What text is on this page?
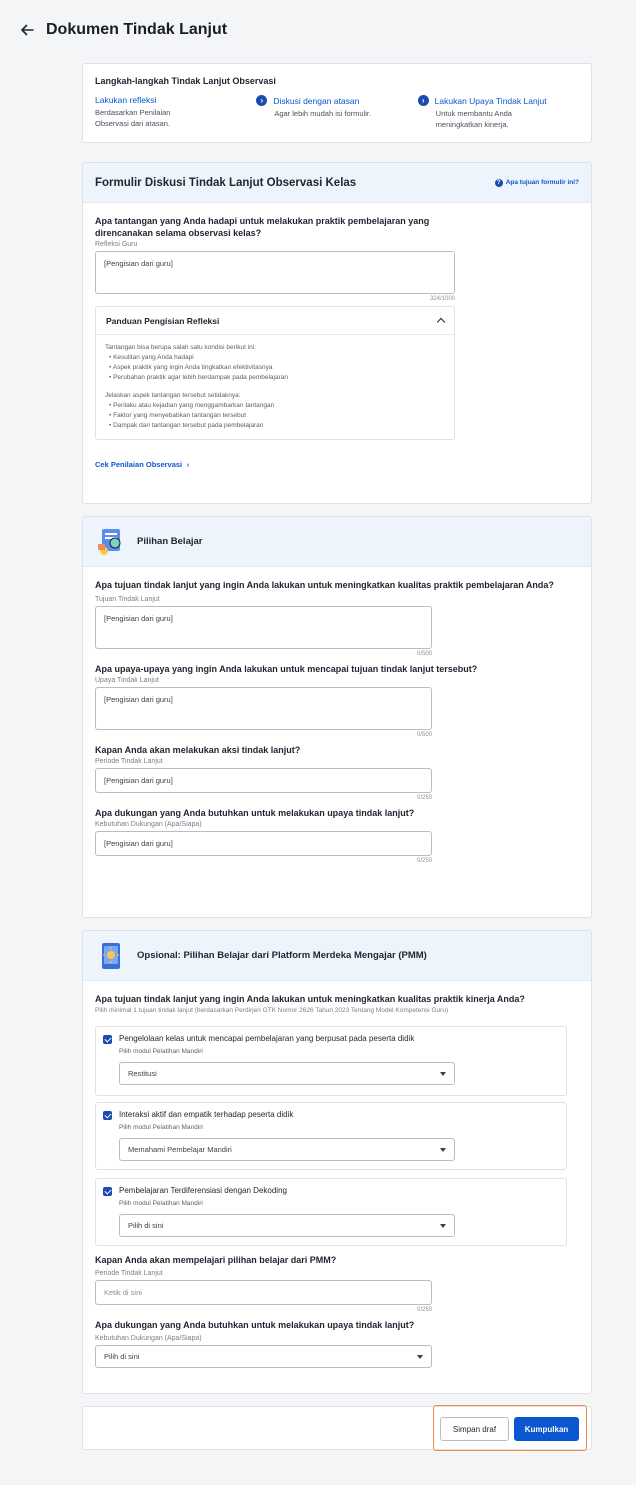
Dokumen Tindak Lanjut
Langkah-langkah Tindak Lanjut Observasi
Lakukan refleksi
Berdasarkan Penilaian Observasi dari atasan.
›	Diskusi dengan atasan
Agar lebih mudah isi formulir.
›	Lakukan Upaya Tindak Lanjut
Untuk membantu Anda meningkatkan kinerja.
Formulir Diskusi Tindak Lanjut Observasi Kelas	? Apa tujuan formulir ini?
Apa tantangan yang Anda hadapi untuk melakukan praktik pembelajaran yang direncanakan selama observasi kelas?
Refleksi Guru
[Pengisian dari guru]
324/1000
Panduan Pengisian Refleksi
Tantangan bisa berupa salah satu kondisi berikut ini:
• Kesulitan yang Anda hadapi
• Aspek praktik yang ingin Anda tingkatkan efektivitasnya
• Perubahan praktik agar lebih berdampak pada pembelajaran
Jelaskan aspek tantangan tersebut setidaknya:
• Perilaku atau kejadian yang menggambarkan tantangan
• Faktor yang menyebabkan tantangan tersebut
• Dampak dari tantangan tersebut pada pembelajaran
Cek Penilaian Observasi ›
Pilihan Belajar
Apa tujuan tindak lanjut yang ingin Anda lakukan untuk meningkatkan kualitas praktik pembelajaran Anda?
Tujuan Tindak Lanjut
[Pengisian dari guru]
0/500
Apa upaya-upaya yang ingin Anda lakukan untuk mencapai tujuan tindak lanjut tersebut?
Upaya Tindak Lanjut
[Pengisian dari guru]
0/500
Kapan Anda akan melakukan aksi tindak lanjut?
Periode Tindak Lanjut
[Pengisian dari guru]
0/250
Apa dukungan yang Anda butuhkan untuk melakukan upaya tindak lanjut?
Kebutuhan Dukungan (Apa/Siapa)
[Pengisian dari guru]
0/250
Opsional: Pilihan Belajar dari Platform Merdeka Mengajar (PMM)
Apa tujuan tindak lanjut yang ingin Anda lakukan untuk meningkatkan kualitas praktik kinerja Anda?
Pilih minimal 1 tujuan tindak lanjut (berdasarkan Perdirjen GTK Nomor 2626 Tahun 2023 Tentang Model Kompetensi Guru)
Pengelolaan kelas untuk mencapai pembelajaran yang berpusat pada peserta didik
Pilih modul Pelatihan Mandiri
Restitusi
Interaksi aktif dan empatik terhadap peserta didik
Pilih modul Pelatihan Mandiri
Memahami Pembelajar Mandiri
Pembelajaran Terdiferensiasi dengan Dekoding
Pilih modul Pelatihan Mandiri
Pilih di sini
Kapan Anda akan mempelajari pilihan belajar dari PMM?
Periode Tindak Lanjut
Ketik di sini
0/250
Apa dukungan yang Anda butuhkan untuk melakukan upaya tindak lanjut?
Kebutuhan Dukungan (Apa/Siapa)
Pilih di sini
Simpan draf	Kumpulkan
